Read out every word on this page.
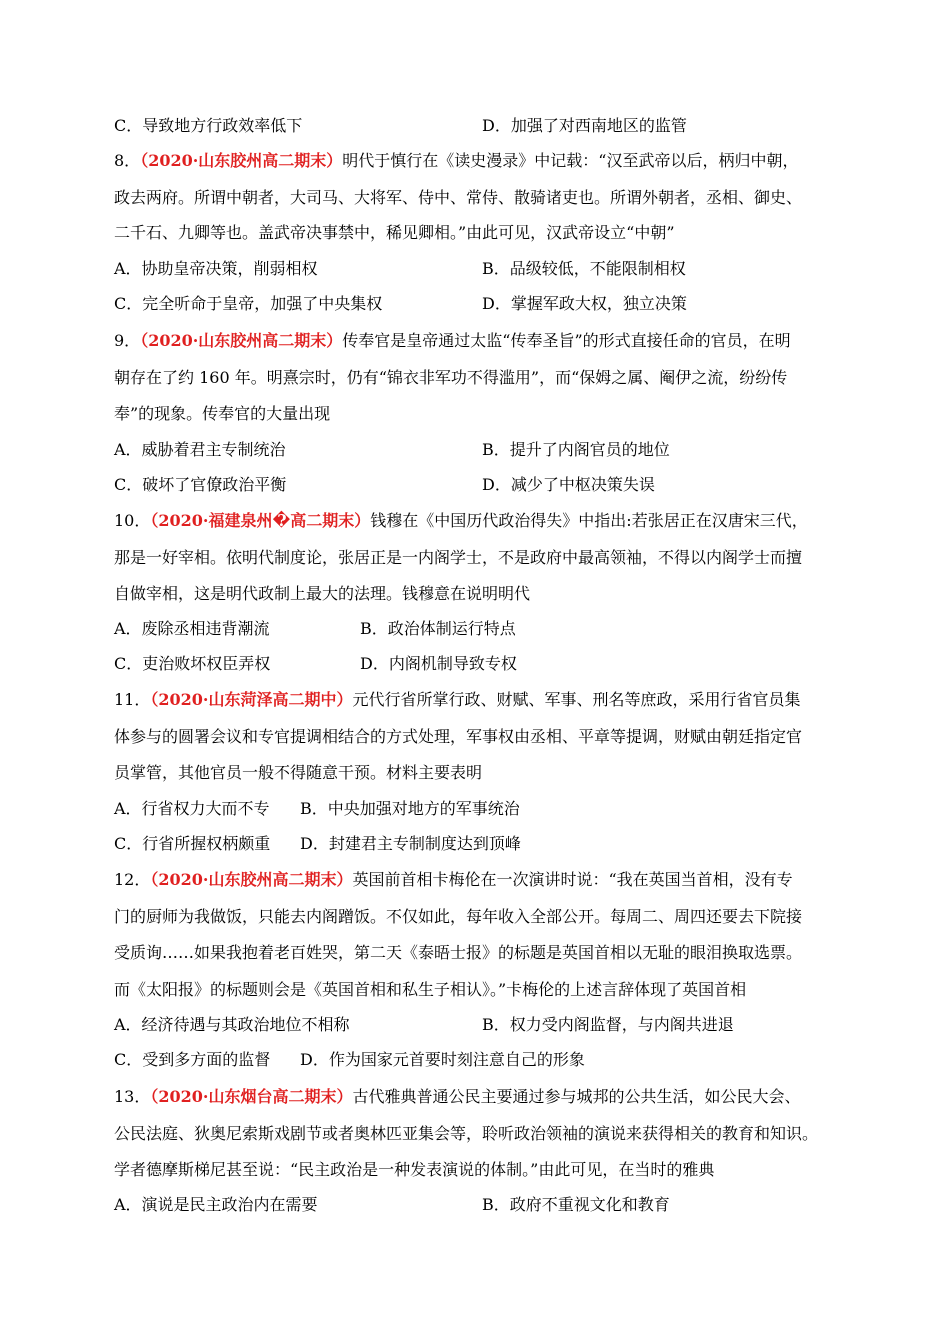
C．导致地方行政效率低下	D．加强了对西南地区的监管
8．（2020·山东胶州高二期末）明代于慎行在《读史漫录》中记载：“汉至武帝以后，柄归中朝，
政去两府。所谓中朝者，大司马、大将军、侍中、常侍、散骑诸吏也。所谓外朝者，丞相、御史、
二千石、九卿等也。盖武帝决事禁中，稀见卿相。”由此可见，汉武帝设立“中朝”
A．协助皇帝决策，削弱相权	B．品级较低，不能限制相权
C．完全听命于皇帝，加强了中央集权	D．掌握军政大权，独立决策
9．（2020·山东胶州高二期末）传奉官是皇帝通过太监“传奉圣旨”的形式直接任命的官员，在明
朝存在了约 160 年。明熹宗时，仍有“锦衣非军功不得滥用”，而“保姆之属、阉伊之流，纷纷传
奉”的现象。传奉官的大量出现
A．威胁着君主专制统治	B．提升了内阁官员的地位
C．破坏了官僚政治平衡	D．减少了中枢决策失误
10．（2020·福建泉州�高二期末）钱穆在《中国历代政治得失》中指出:若张居正在汉唐宋三代，
那是一好宰相。依明代制度论，张居正是一内阁学士，不是政府中最高领袖，不得以内阁学士而擅
自做宰相，这是明代政制上最大的法理。钱穆意在说明明代
A．废除丞相违背潮流	B．政治体制运行特点
C．吏治败坏权臣弄权	D．内阁机制导致专权
11．（2020·山东菏泽高二期中）元代行省所掌行政、财赋、军事、刑名等庶政，采用行省官员集
体参与的圆署会议和专官提调相结合的方式处理，军事权由丞相、平章等提调，财赋由朝廷指定官
员掌管，其他官员一般不得随意干预。材料主要表明
A．行省权力大而不专 B．中央加强对地方的军事统治
C．行省所握权柄颇重 D．封建君主专制制度达到顶峰
12．（2020·山东胶州高二期末）英国前首相卡梅伦在一次演讲时说：“我在英国当首相，没有专
门的厨师为我做饭，只能去内阁蹭饭。不仅如此，每年收入全部公开。每周二、周四还要去下院接
受质询……如果我抱着老百姓哭，第二天《泰晤士报》的标题是英国首相以无耻的眼泪换取选票。
而《太阳报》的标题则会是《英国首相和私生子相认》。”卡梅伦的上述言辞体现了英国首相
A．经济待遇与其政治地位不相称	B．权力受内阁监督，与内阁共进退
C．受到多方面的监督 D．作为国家元首要时刻注意自己的形象
13．（2020·山东烟台高二期末）古代雅典普通公民主要通过参与城邦的公共生活，如公民大会、
公民法庭、狄奥尼索斯戏剧节或者奥林匹亚集会等，聆听政治领袖的演说来获得相关的教育和知识。
学者德摩斯梯尼甚至说：“民主政治是一种发表演说的体制。”由此可见，在当时的雅典
A．演说是民主政治内在需要	B．政府不重视文化和教育
